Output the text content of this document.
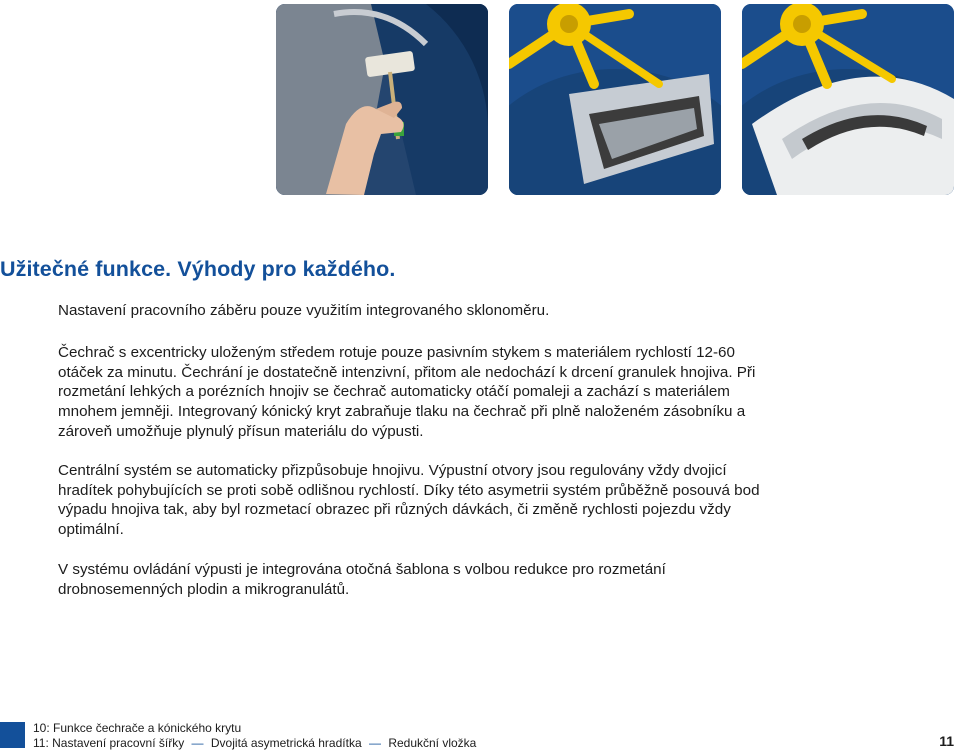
Užitečné funkce. Výhody pro každého.

Nastavení pracovního záběru pouze využitím integrovaného sklonoměru.

Čechrač s excentricky uloženým středem rotuje pouze pasivním stykem s materiálem rychlostí 12-60 otáček za minutu. Čechrání je dostatečně intenzivní, přitom ale nedochází k drcení granulek hnojiva. Při rozmetání lehkých a porézních hnojiv se čechrač automaticky otáčí pomaleji a zachází s materiálem mnohem jemněji. Integrovaný kónický kryt zabraňuje tlaku na čechrač při plně naloženém zásobníku a zároveň umožňuje plynulý přísun materiálu do výpusti.

Centrální systém se automaticky přizpůsobuje hnojivu. Výpustní otvory jsou regulovány vždy dvojicí hradítek pohybujících se proti sobě odlišnou rychlostí. Díky této asymetrii systém průběžně posouvá bod výpadu hnojiva tak, aby byl rozmetací obrazec při různých dávkách, či změně rychlosti pojezdu vždy optimální.

V systému ovládání výpusti je integrována otočná šablona s volbou redukce pro rozmetání drobnosemenných plodin a mikrogranulátů.

10: Funkce čechrače a kónického krytu
11: Nastavení pracovní šířky — Dvojitá asymetrická hradítka — Redukční vložka	11
